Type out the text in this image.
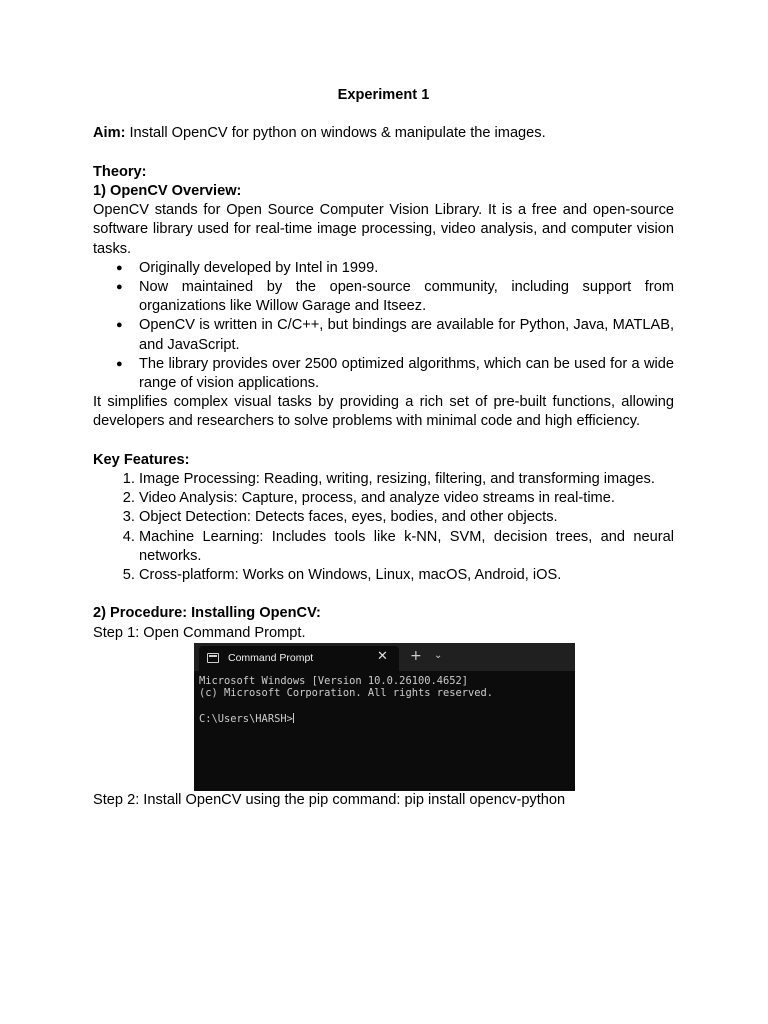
Experiment 1

Aim: Install OpenCV for python on windows & manipulate the images.

Theory:

1) OpenCV Overview:

OpenCV stands for Open Source Computer Vision Library. It is a free and open-source software library used for real-time image processing, video analysis, and computer vision tasks.

● Originally developed by Intel in 1999.
● Now maintained by the open-source community, including support from organizations like Willow Garage and Itseez.
● OpenCV is written in C/C++, but bindings are available for Python, Java, MATLAB, and JavaScript.
● The library provides over 2500 optimized algorithms, which can be used for a wide range of vision applications.

It simplifies complex visual tasks by providing a rich set of pre-built functions, allowing developers and researchers to solve problems with minimal code and high efficiency.

Key Features:

1. Image Processing: Reading, writing, resizing, filtering, and transforming images.
2. Video Analysis: Capture, process, and analyze video streams in real-time.
3. Object Detection: Detects faces, eyes, bodies, and other objects.
4. Machine Learning: Includes tools like k-NN, SVM, decision trees, and neural networks.
5. Cross-platform: Works on Windows, Linux, macOS, Android, iOS.

2) Procedure: Installing OpenCV:

Step 1: Open Command Prompt.

Command Prompt	✕ + ⌄
Microsoft Windows [Version 10.0.26100.4652]
(c) Microsoft Corporation. All rights reserved.

C:\Users\HARSH>

Step 2: Install OpenCV using the pip command: pip install opencv-python
